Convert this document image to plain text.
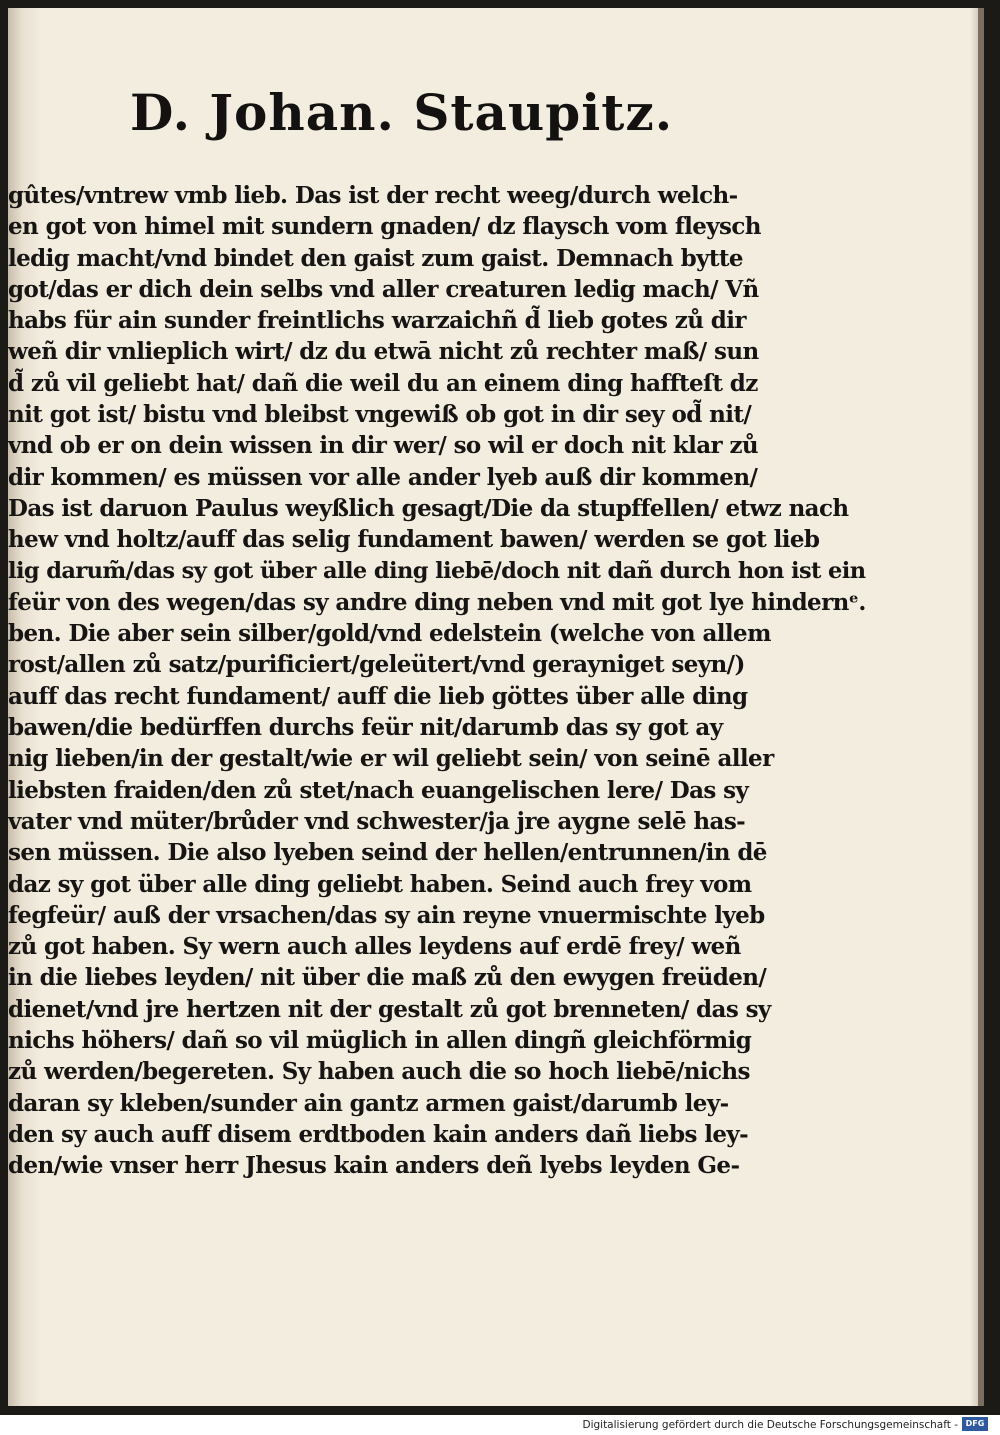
D. Johan. Staupitz.
gûtes/vntrew vmb lieb. Das ist der recht weeg/durch welch-
en got von himel mit sundern gnaden/ dz flaysch vom fleysch
ledig macht/vnd bindet den gaist zum gaist. Demnach bytte
got/das er dich dein selbs vnd aller creaturen ledig mach/ Vñ
habs für ain sunder freintlichs warzaichñ d̃ lieb gotes zů dir
weñ dir vnlieplich wirt/ dz du etwā nicht zů rechter maß/ sun
d̃ zů vil geliebt hat/ dañ die weil du an einem ding haffteſt dz
nit got ist/ bistu vnd bleibst vngewiß ob got in dir sey od̃ nit/
vnd ob er on dein wissen in dir wer/ so wil er doch nit klar zů
dir kommen/ es müssen vor alle ander lyeb auß dir kommen/
Das ist daruon Paulus weyßlich gesagt/Die da stupffellen/ etwz nach
hew vnd holtz/auff das selig fundament bawen/ werden se got lieb
lig darum̃/das sy got über alle ding liebē/doch nit dañ durch hon ist ein
feür von des wegen/das sy andre ding neben vnd mit got lye hindernᵉ.
ben. Die aber sein silber/gold/vnd edelstein (welche von allem
rost/allen zů satz/purificiert/geleütert/vnd gerayniget seyn/)
auff das recht fundament/ auff die lieb göttes über alle ding
bawen/die bedürffen durchs feür nit/darumb das sy got ay
nig lieben/in der gestalt/wie er wil geliebt sein/ von seinē aller
liebsten fraiden/den zů stet/nach euangelischen lere/ Das sy
vater vnd müter/brůder vnd schwester/ja jre aygne selē has-
sen müssen. Die also lyeben seind der hellen/entrunnen/in dē
daz sy got über alle ding geliebt haben. Seind auch frey vom
fegfeür/ auß der vrsachen/das sy ain reyne vnuermischte lyeb
zů got haben. Sy wern auch alles leydens auf erdē frey/ weñ
in die liebes leyden/ nit über die maß zů den ewygen freüden/
dienet/vnd jre hertzen nit der gestalt zů got brenneten/ das sy
nichs höhers/ dañ so vil müglich in allen dingñ gleichförmig
zů werden/begereten. Sy haben auch die so hoch liebē/nichs
daran sy kleben/sunder ain gantz armen gaist/darumb ley-
den sy auch auff disem erdtboden kain anders dañ liebs ley-
den/wie vnser herr Jhesus kain anders deñ lyebs leyden Ge-
Digitalisierung gefördert durch die Deutsche Forschungsgemeinschaft - DFG
